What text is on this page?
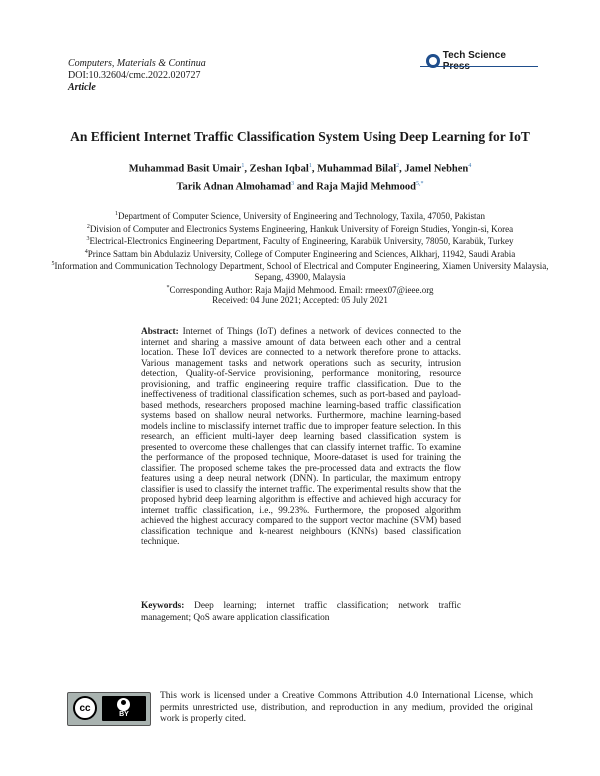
Computers, Materials & Continua
DOI:10.32604/cmc.2022.020727
Article
Tech Science
An Efficient Internet Traffic Classification System Using Deep Learning for IoT
Muhammad Basit Umair$^1$, Zeshan Iqbal$^1$, Muhammad Bilal$^2$, Jamel Nebhen$^4$
Tarik Adnan Almohamad$^3$ and Raja Majid Mehmood$^{5,*}$
$^1$Department of Computer Science, University of Engineering and Technology, Taxila, 47050, Pakistan
$^2$Division of Computer and Electronics Systems Engineering, Hankuk University of Foreign Studies, Yongin-si, Korea
$^3$Electrical-Electronics Engineering Department, Faculty of Engineering, Karabük University, 78050, Karabük, Turkey
$^4$Prince Sattam bin Abdulaziz University, College of Computer Engineering and Sciences, Alkharj, 11942, Saudi Arabia
$^5$Information and Communication Technology Department, School of Electrical and Computer Engineering, Xiamen University Malaysia, Sepang, 43900, Malaysia
*Corresponding Author: Raja Majid Mehmood. Email: rmeex07@ieee.org
Received: 04 June 2021; Accepted: 05 July 2021
Abstract: Internet of Things (IoT) defines a network of devices connected to the internet and sharing a massive amount of data between each other and a central location. These IoT devices are connected to a network therefore prone to attacks. Various management tasks and network operations such as security, intrusion detection, Quality-of-Service provisioning, performance monitoring, resource provisioning, and traffic engineering require traffic classification. Due to the ineffectiveness of traditional classification schemes, such as port-based and payload-based methods, researchers proposed machine learning-based traffic classification systems based on shallow neural networks. Furthermore, machine learning-based models incline to misclassify internet traffic due to improper feature selection. In this research, an efficient multi-layer deep learning based classification system is presented to overcome these challenges that can classify internet traffic. To examine the performance of the proposed technique, Moore-dataset is used for training the classifier. The proposed scheme takes the pre-processed data and extracts the flow features using a deep neural network (DNN). In particular, the maximum entropy classifier is used to classify the internet traffic. The experimental results show that the proposed hybrid deep learning algorithm is effective and achieved high accuracy for internet traffic classification, i.e., 99.23%. Furthermore, the proposed algorithm achieved the highest accuracy compared to the support vector machine (SVM) based classification technique and k-nearest neighbours (KNNs) based classification technique.
Keywords: Deep learning; internet traffic classification; network traffic management; QoS aware application classification
cc
BY
This work is licensed under a Creative Commons Attribution 4.0 International License, which permits unrestricted use, distribution, and reproduction in any medium, provided the original work is properly cited.
